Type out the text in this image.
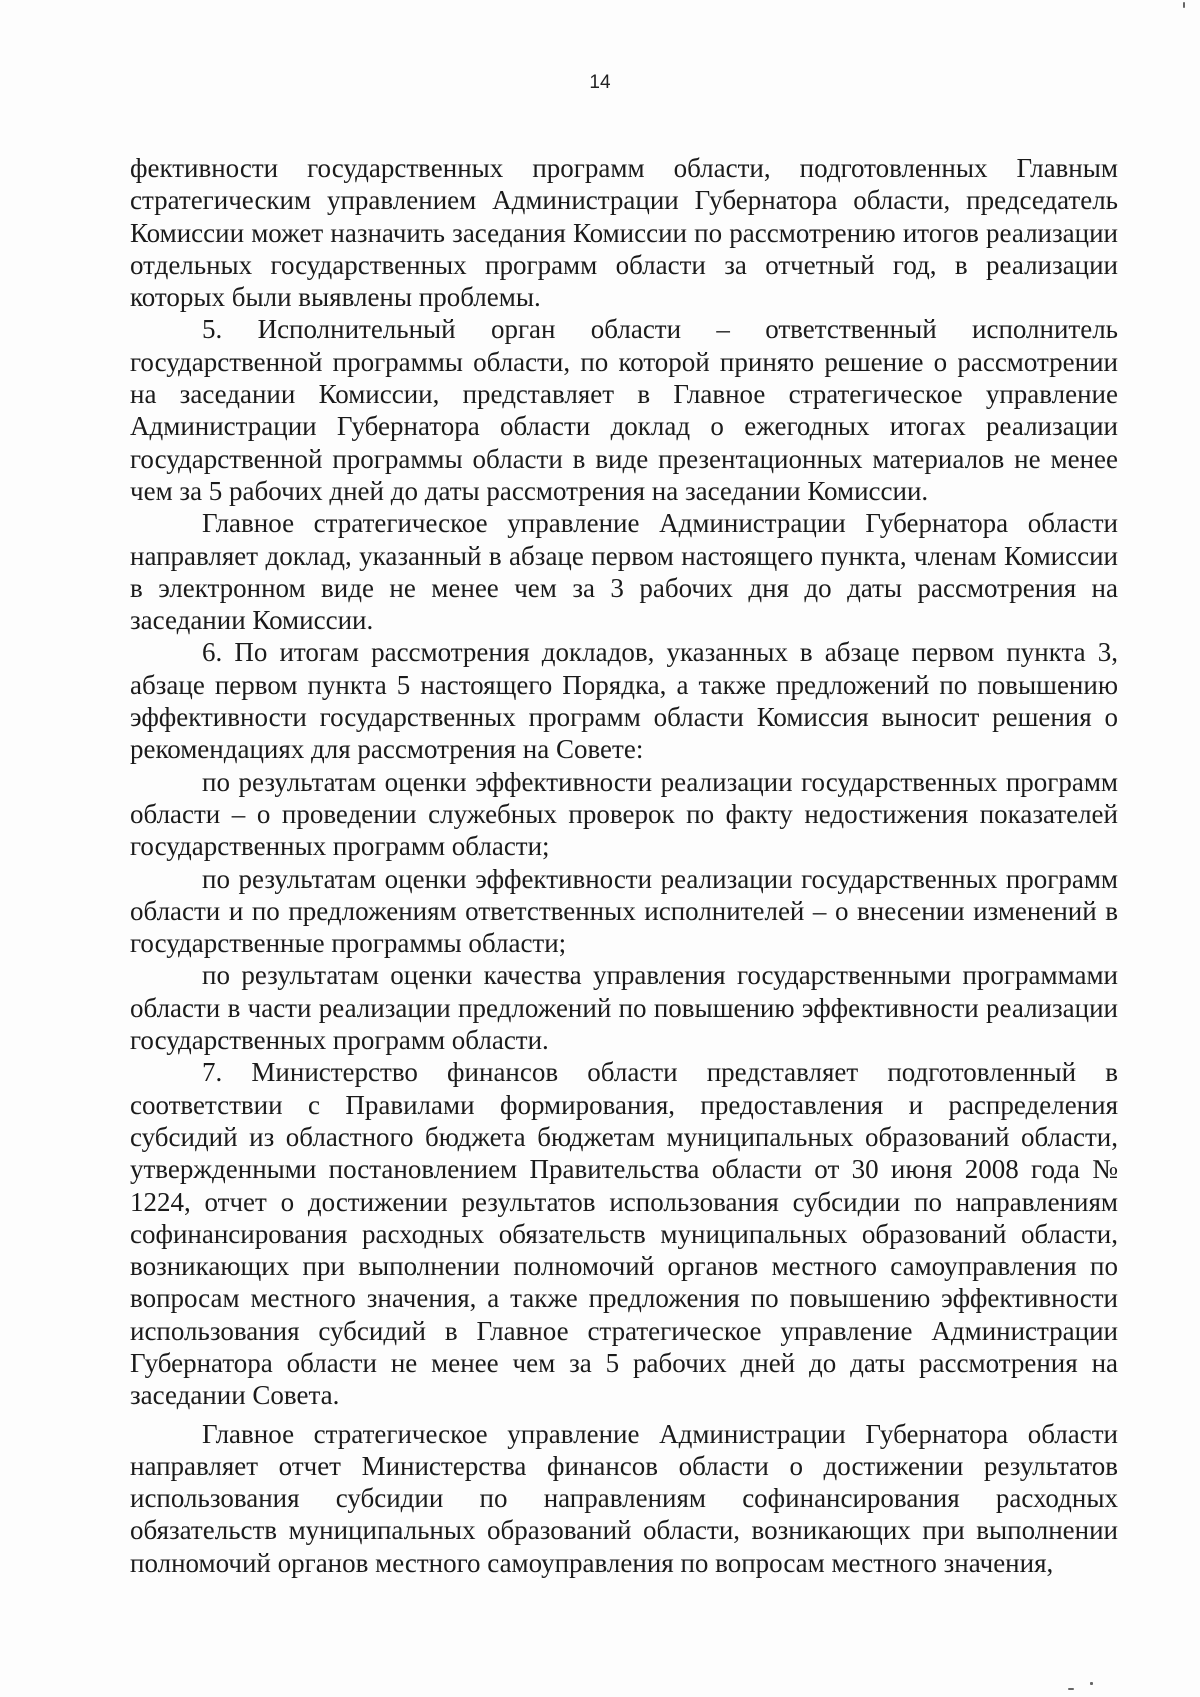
14

фективности государственных программ области, подготовленных Главным стратегическим управлением Администрации Губернатора области, председатель Комиссии может назначить заседания Комиссии по рассмотрению итогов реализации отдельных государственных программ области за отчетный год, в реализации которых были выявлены проблемы.

5. Исполнительный орган области – ответственный исполнитель государственной программы области, по которой принято решение о рассмотрении на заседании Комиссии, представляет в Главное стратегическое управление Администрации Губернатора области доклад о ежегодных итогах реализации государственной программы области в виде презентационных материалов не менее чем за 5 рабочих дней до даты рассмотрения на заседании Комиссии.

Главное стратегическое управление Администрации Губернатора области направляет доклад, указанный в абзаце первом настоящего пункта, членам Комиссии в электронном виде не менее чем за 3 рабочих дня до даты рассмотрения на заседании Комиссии.

6. По итогам рассмотрения докладов, указанных в абзаце первом пункта 3, абзаце первом пункта 5 настоящего Порядка, а также предложений по повышению эффективности государственных программ области Комиссия выносит решения о рекомендациях для рассмотрения на Совете:

по результатам оценки эффективности реализации государственных программ области – о проведении служебных проверок по факту недостижения показателей государственных программ области;

по результатам оценки эффективности реализации государственных программ области и по предложениям ответственных исполнителей – о внесении изменений в государственные программы области;

по результатам оценки качества управления государственными программами области в части реализации предложений по повышению эффективности реализации государственных программ области.

7. Министерство финансов области представляет подготовленный в соответствии с Правилами формирования, предоставления и распределения субсидий из областного бюджета бюджетам муниципальных образований области, утвержденными постановлением Правительства области от 30 июня 2008 года № 1224, отчет о достижении результатов использования субсидии по направлениям софинансирования расходных обязательств муниципальных образований области, возникающих при выполнении полномочий органов местного самоуправления по вопросам местного значения, а также предложения по повышению эффективности использования субсидий в Главное стратегическое управление Администрации Губернатора области не менее чем за 5 рабочих дней до даты рассмотрения на заседании Совета.

Главное стратегическое управление Администрации Губернатора области направляет отчет Министерства финансов области о достижении результатов использования субсидии по направлениям софинансирования расходных обязательств муниципальных образований области, возникающих при выполнении полномочий органов местного самоуправления по вопросам местного значения,
